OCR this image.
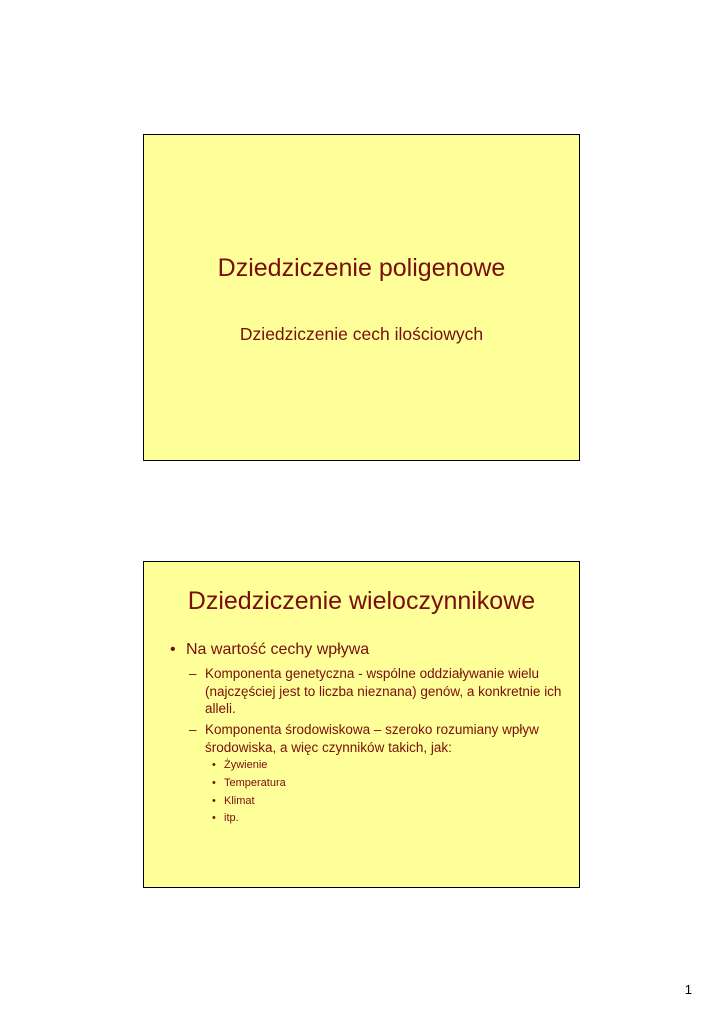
Dziedziczenie poligenowe
Dziedziczenie cech ilościowych
Dziedziczenie wieloczynnikowe
• Na wartość cechy wpływa
– Komponenta genetyczna - wspólne oddziaływanie wielu (najczęściej jest to liczba nieznana) genów, a konkretnie ich alleli.
– Komponenta środowiskowa – szeroko rozumiany wpływ środowiska, a więc czynników takich, jak:
• Żywienie
• Temperatura
• Klimat
• itp.
1
